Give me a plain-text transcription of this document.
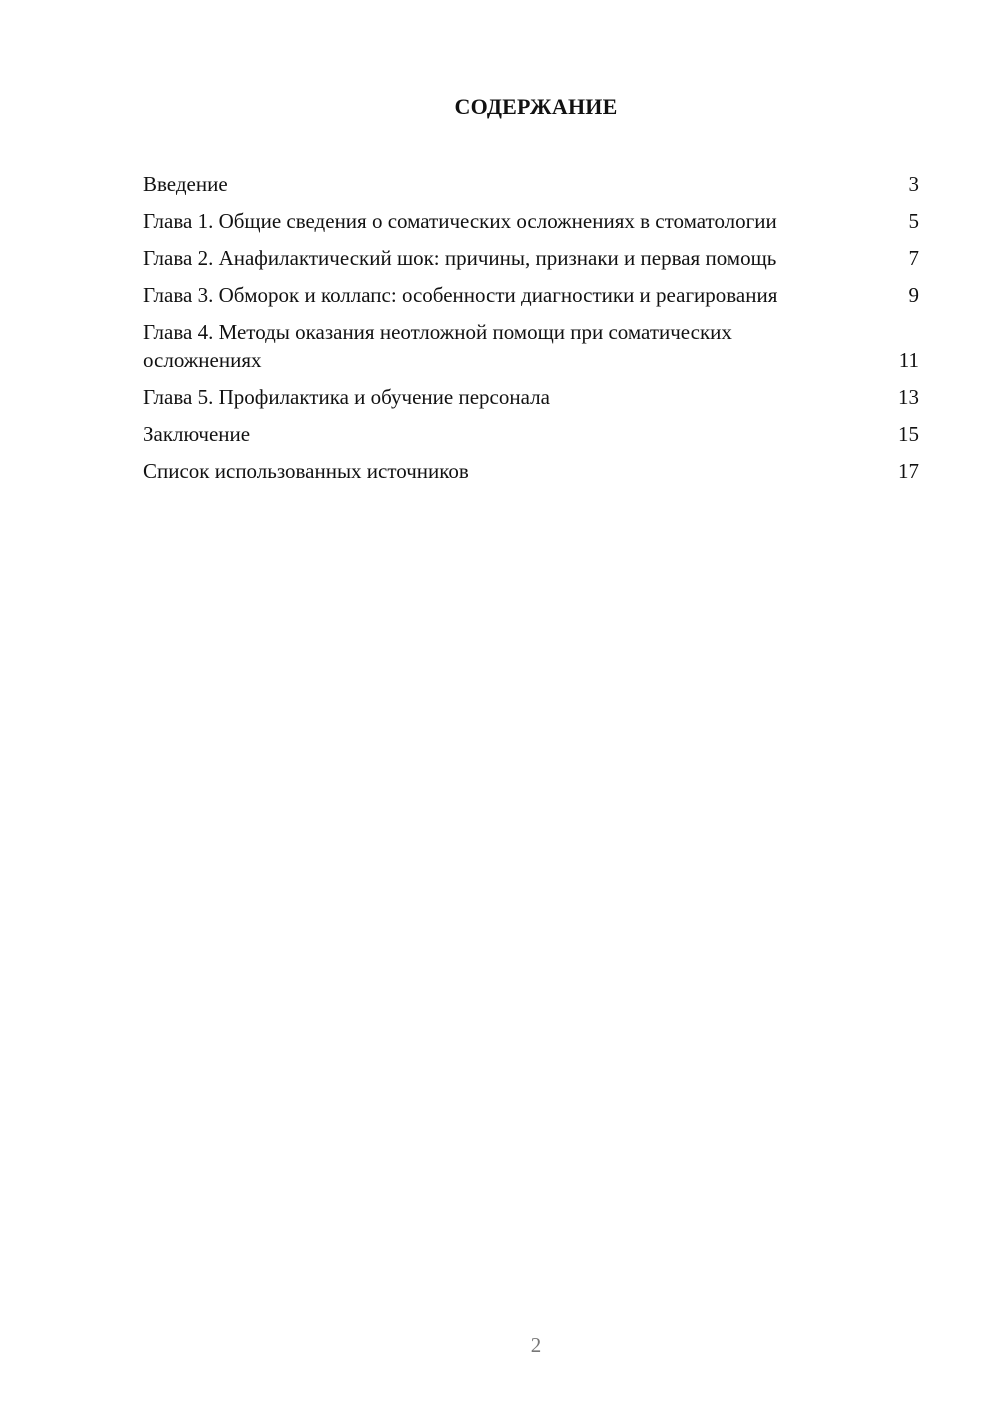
СОДЕРЖАНИЕ
Введение	3
Глава 1. Общие сведения о соматических осложнениях в стоматологии	5
Глава 2. Анафилактический шок: причины, признаки и первая помощь	7
Глава 3. Обморок и коллапс: особенности диагностики и реагирования	9
Глава 4. Методы оказания неотложной помощи при соматических осложнениях	11
Глава 5. Профилактика и обучение персонала	13
Заключение	15
Список использованных источников	17
2
